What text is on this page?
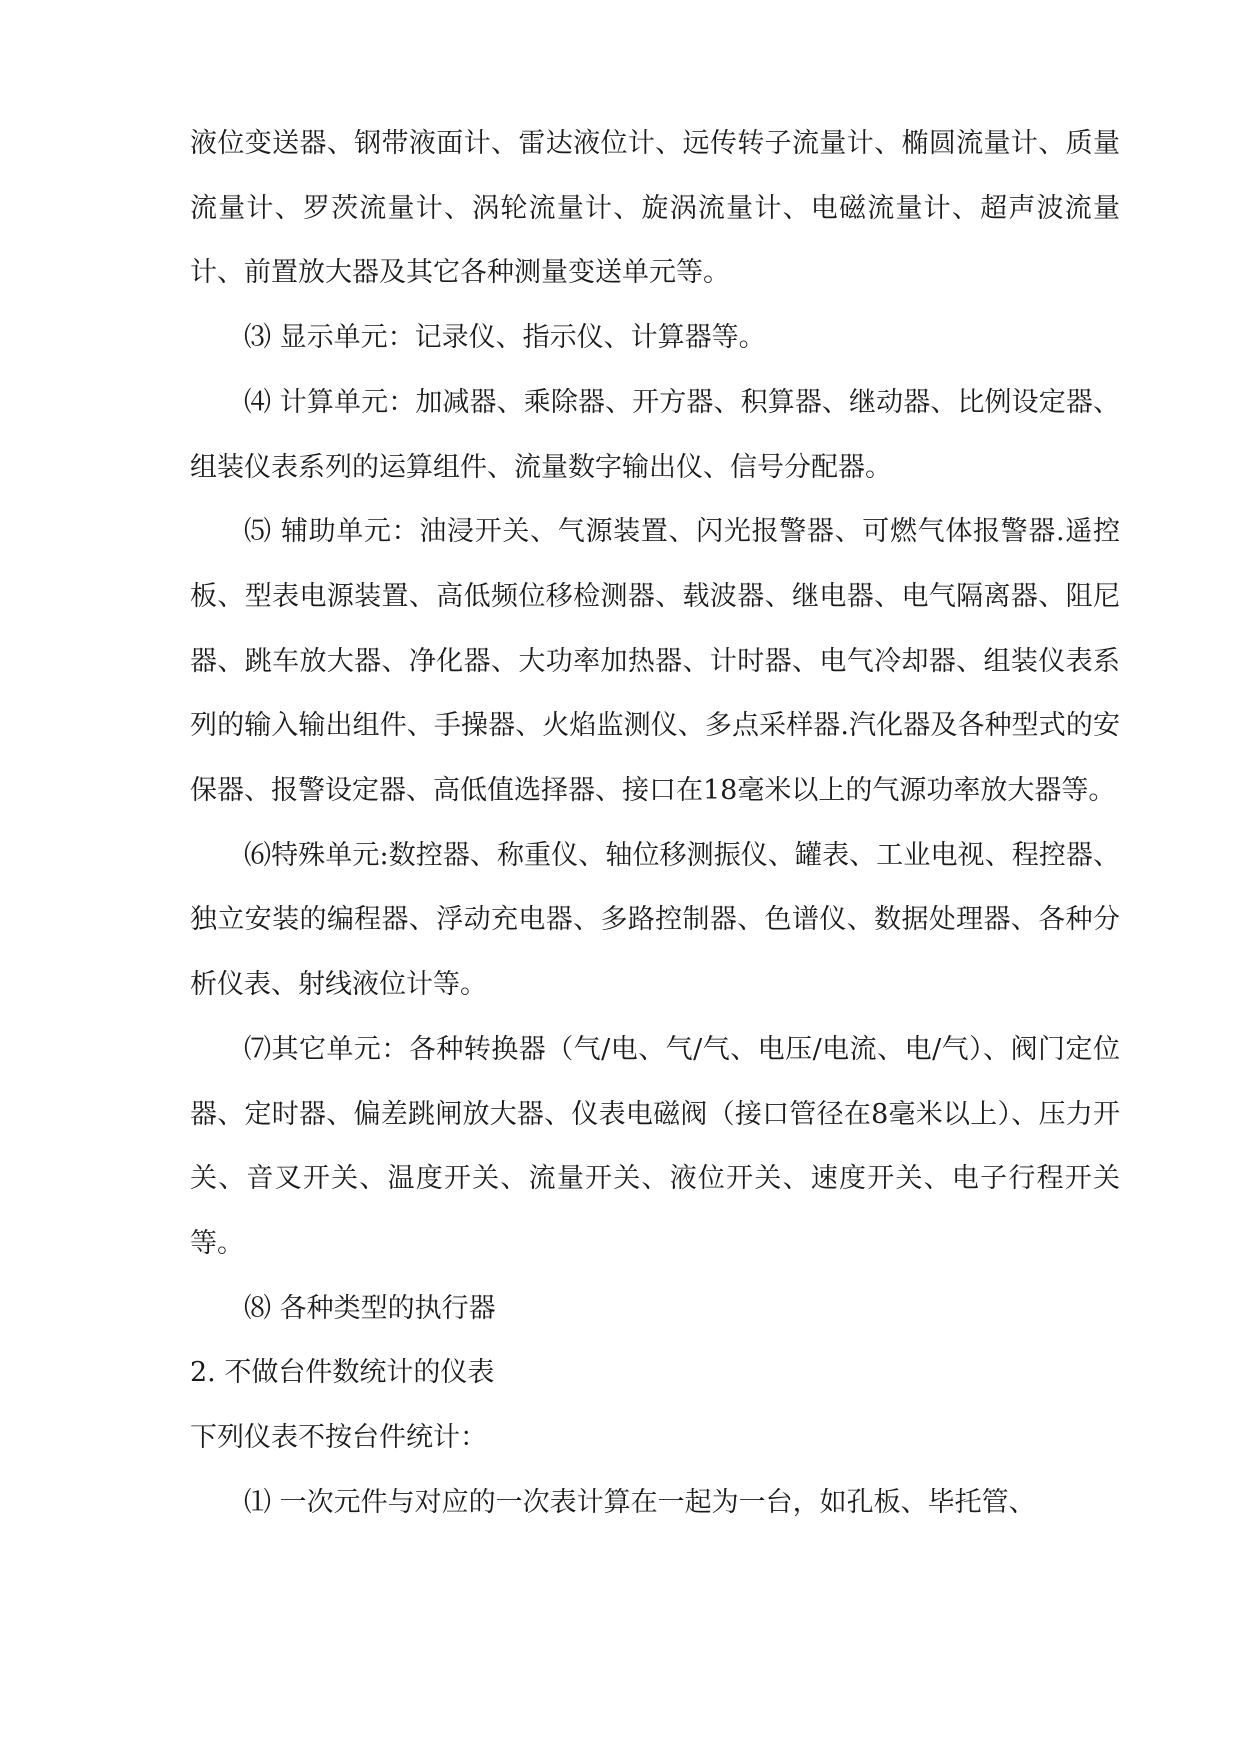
液位变送器、钢带液面计、雷达液位计、远传转子流量计、椭圆流量计、质量流量计、罗茨流量计、涡轮流量计、旋涡流量计、电磁流量计、超声波流量计、前置放大器及其它各种测量变送单元等。

⑶ 显示单元：记录仪、指示仪、计算器等。

⑷ 计算单元：加减器、乘除器、开方器、积算器、继动器、比例设定器、组装仪表系列的运算组件、流量数字输出仪、信号分配器。

⑸ 辅助单元：油浸开关、气源装置、闪光报警器、可燃气体报警器.遥控板、型表电源装置、高低频位移检测器、载波器、继电器、电气隔离器、阻尼器、跳车放大器、净化器、大功率加热器、计时器、电气冷却器、组装仪表系列的输入输出组件、手操器、火焰监测仪、多点采样器.汽化器及各种型式的安保器、报警设定器、高低值选择器、接口在18毫米以上的气源功率放大器等。

⑹特殊单元:数控器、称重仪、轴位移测振仪、罐表、工业电视、程控器、独立安装的编程器、浮动充电器、多路控制器、色谱仪、数据处理器、各种分析仪表、射线液位计等。

⑺其它单元：各种转换器（气/电、气/气、电压/电流、电/气）、阀门定位器、定时器、偏差跳闸放大器、仪表电磁阀（接口管径在8毫米以上）、压力开关、音叉开关、温度开关、流量开关、液位开关、速度开关、电子行程开关等。

⑻ 各种类型的执行器

2. 不做台件数统计的仪表

下列仪表不按台件统计：

⑴ 一次元件与对应的一次表计算在一起为一台，如孔板、毕托管、
